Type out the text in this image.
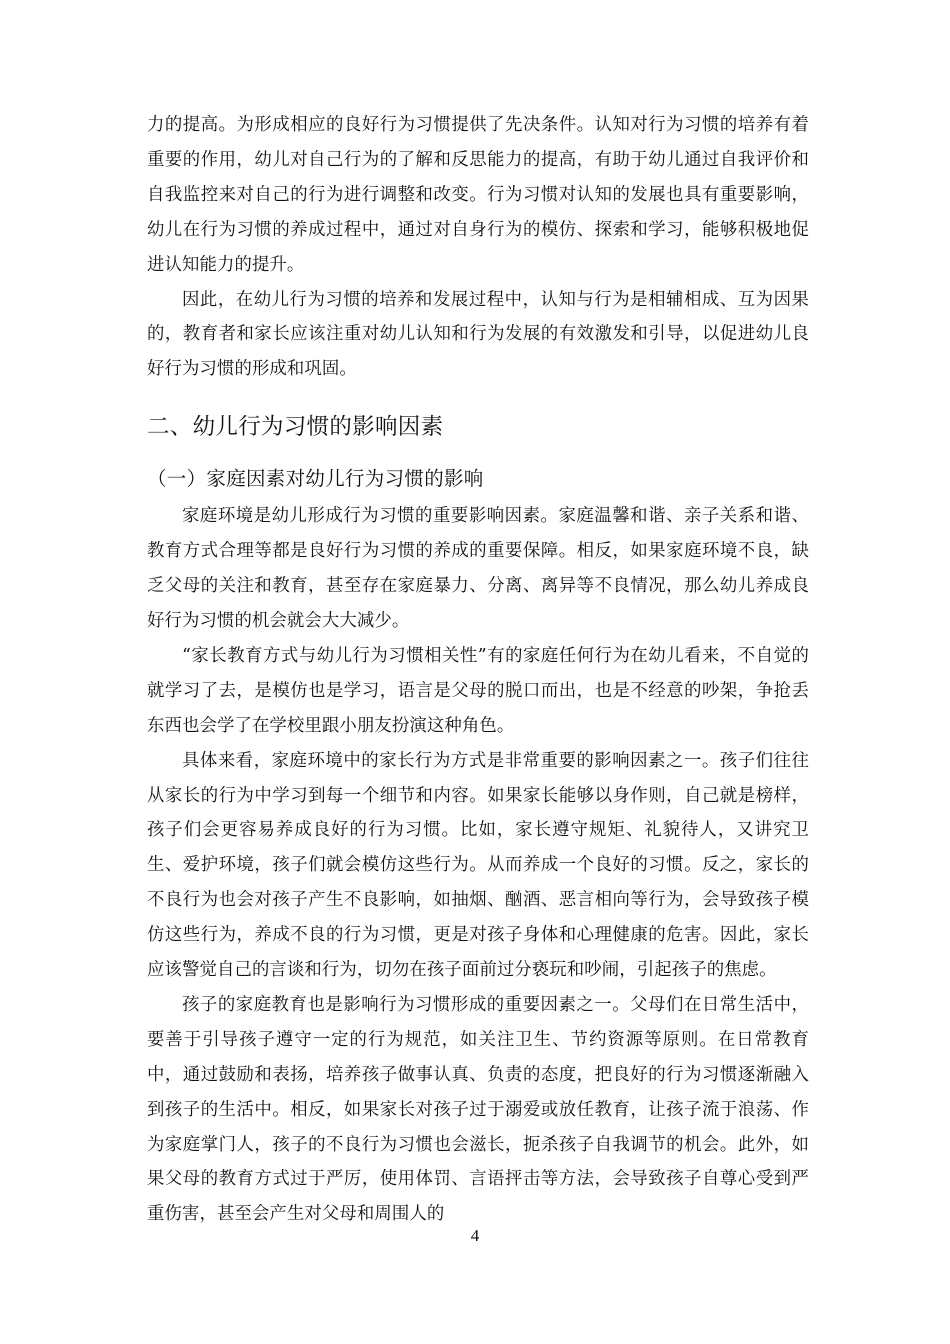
力的提高。为形成相应的良好行为习惯提供了先决条件。认知对行为习惯的培养有着重要的作用，幼儿对自己行为的了解和反思能力的提高，有助于幼儿通过自我评价和自我监控来对自己的行为进行调整和改变。行为习惯对认知的发展也具有重要影响，幼儿在行为习惯的养成过程中，通过对自身行为的模仿、探索和学习，能够积极地促进认知能力的提升。

因此，在幼儿行为习惯的培养和发展过程中，认知与行为是相辅相成、互为因果的，教育者和家长应该注重对幼儿认知和行为发展的有效激发和引导，以促进幼儿良好行为习惯的形成和巩固。

二、幼儿行为习惯的影响因素
（一）家庭因素对幼儿行为习惯的影响

家庭环境是幼儿形成行为习惯的重要影响因素。家庭温馨和谐、亲子关系和谐、教育方式合理等都是良好行为习惯的养成的重要保障。相反，如果家庭环境不良，缺乏父母的关注和教育，甚至存在家庭暴力、分离、离异等不良情况，那么幼儿养成良好行为习惯的机会就会大大减少。

“家长教育方式与幼儿行为习惯相关性”有的家庭任何行为在幼儿看来，不自觉的就学习了去，是模仿也是学习，语言是父母的脱口而出，也是不经意的吵架，争抢丢东西也会学了在学校里跟小朋友扮演这种角色。

具体来看，家庭环境中的家长行为方式是非常重要的影响因素之一。孩子们往往从家长的行为中学习到每一个细节和内容。如果家长能够以身作则，自己就是榜样，孩子们会更容易养成良好的行为习惯。比如，家长遵守规矩、礼貌待人，又讲究卫生、爱护环境，孩子们就会模仿这些行为。从而养成一个良好的习惯。反之，家长的不良行为也会对孩子产生不良影响，如抽烟、酗酒、恶言相向等行为，会导致孩子模仿这些行为，养成不良的行为习惯，更是对孩子身体和心理健康的危害。因此，家长应该警觉自己的言谈和行为，切勿在孩子面前过分亵玩和吵闹，引起孩子的焦虑。

孩子的家庭教育也是影响行为习惯形成的重要因素之一。父母们在日常生活中，要善于引导孩子遵守一定的行为规范，如关注卫生、节约资源等原则。在日常教育中，通过鼓励和表扬，培养孩子做事认真、负责的态度，把良好的行为习惯逐渐融入到孩子的生活中。相反，如果家长对孩子过于溺爱或放任教育，让孩子流于浪荡、作为家庭掌门人，孩子的不良行为习惯也会滋长，扼杀孩子自我调节的机会。此外，如果父母的教育方式过于严厉，使用体罚、言语抨击等方法，会导致孩子自尊心受到严重伤害，甚至会产生对父母和周围人的

4
